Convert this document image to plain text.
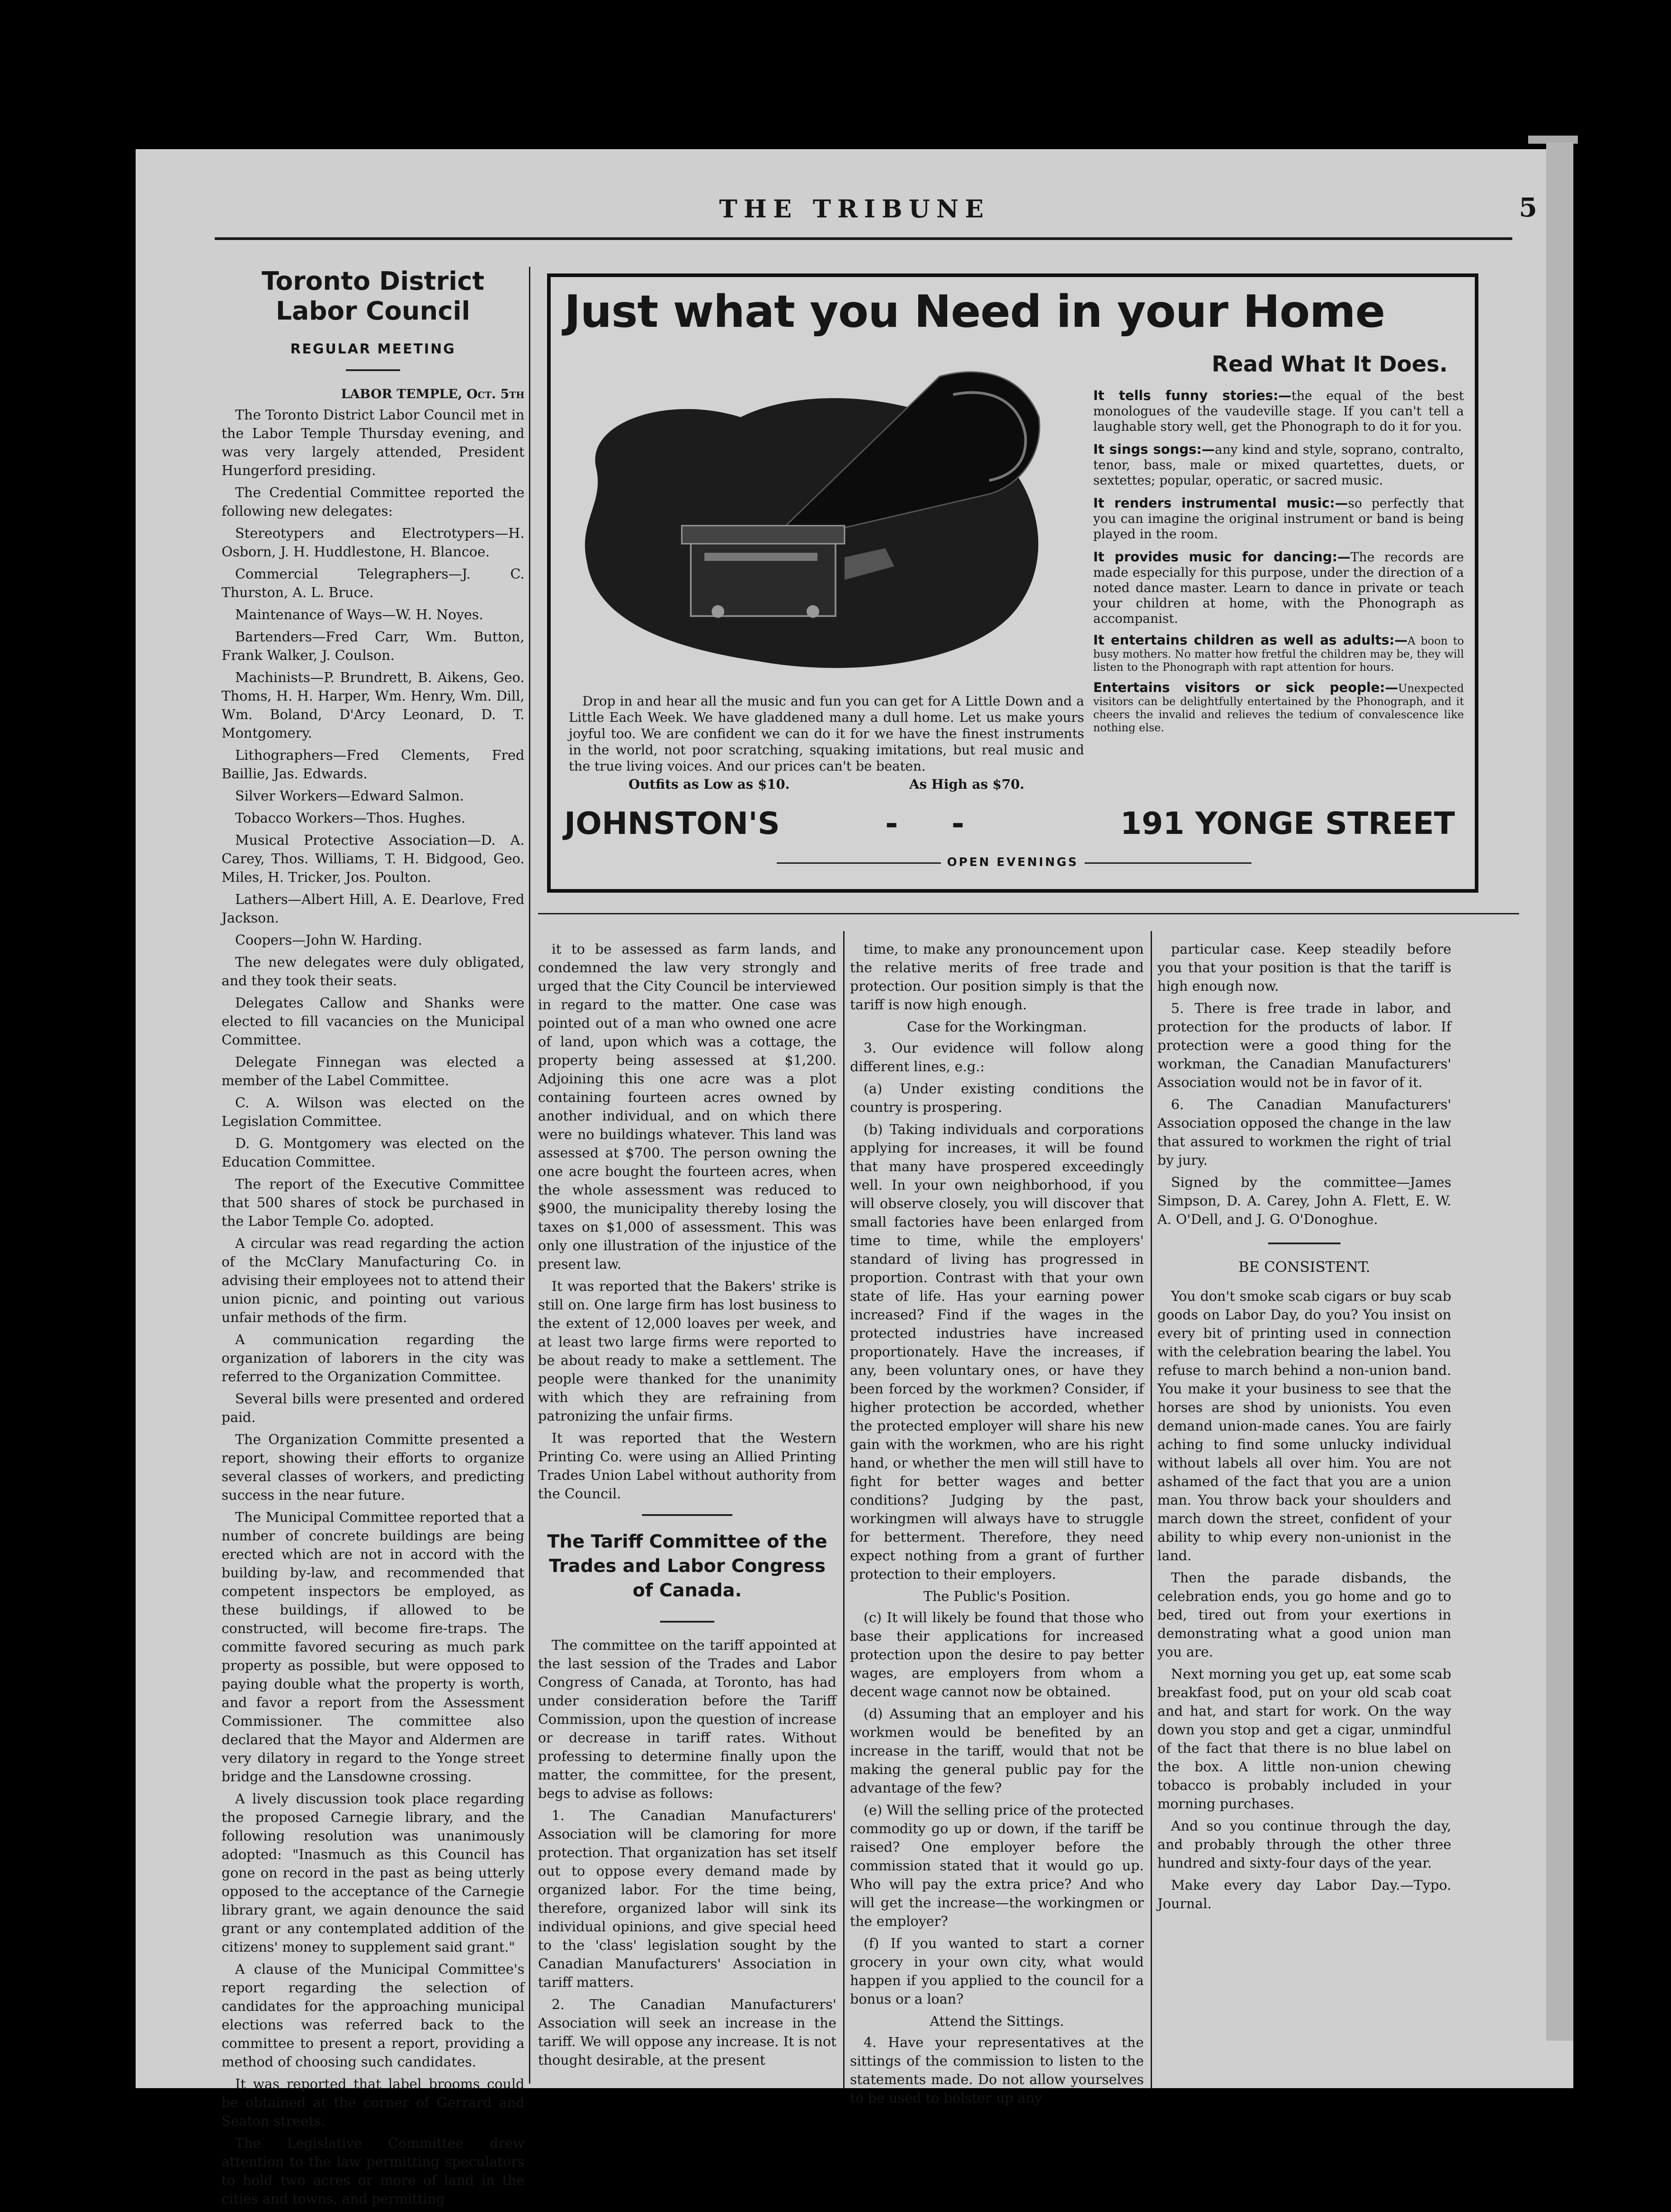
THE TRIBUNE	5
Toronto District Labor Council
REGULAR MEETING
LABOR TEMPLE, Oct. 5th

The Toronto District Labor Council met in the Labor Temple Thursday evening, and was very largely attended, President Hungerford presiding.

The Credential Committee reported the following new delegates:

Stereotypers and Electrotypers—H. Osborn, J. H. Huddlestone, H. Blancoe.

Commercial Telegraphers—J. C. Thurston, A. L. Bruce.

Maintenance of Ways—W. H. Noyes.

Bartenders—Fred Carr, Wm. Button, Frank Walker, J. Coulson.

Machinists—P. Brundrett, B. Aikens, Geo. Thoms, H. H. Harper, Wm. Henry, Wm. Dill, Wm. Boland, D'Arcy Leonard, D. T. Montgomery.

Lithographers—Fred Clements, Fred Baillie, Jas. Edwards.

Silver Workers—Edward Salmon.

Tobacco Workers—Thos. Hughes.

Musical Protective Association—D. A. Carey, Thos. Williams, T. H. Bidgood, Geo. Miles, H. Tricker, Jos. Poulton.

Lathers—Albert Hill, A. E. Dearlove, Fred Jackson.

Coopers—John W. Harding.

The new delegates were duly obligated, and they took their seats.

Delegates Callow and Shanks were elected to fill vacancies on the Municipal Committee.

Delegate Finnegan was elected a member of the Label Committee.

C. A. Wilson was elected on the Legislation Committee.

D. G. Montgomery was elected on the Education Committee.

The report of the Executive Committee that 500 shares of stock be purchased in the Labor Temple Co. adopted.

A circular was read regarding the action of the McClary Manufacturing Co. in advising their employees not to attend their union picnic, and pointing out various unfair methods of the firm.

A communication regarding the organization of laborers in the city was referred to the Organization Committee.

Several bills were presented and ordered paid.

The Organization Committe presented a report, showing their efforts to organize several classes of workers, and predicting success in the near future.

The Municipal Committee reported that a number of concrete buildings are being erected which are not in accord with the building by-law, and recommended that competent inspectors be employed, as these buildings, if allowed to be constructed, will become fire-traps. The committe favored securing as much park property as possible, but were opposed to paying double what the property is worth, and favor a report from the Assessment Commissioner. The committee also declared that the Mayor and Aldermen are very dilatory in regard to the Yonge street bridge and the Lansdowne crossing.

A lively discussion took place regarding the proposed Carnegie library, and the following resolution was unanimously adopted: "Inasmuch as this Council has gone on record in the past as being utterly opposed to the acceptance of the Carnegie library grant, we again denounce the said grant or any contemplated addition of the citizens' money to supplement said grant."

A clause of the Municipal Committee's report regarding the selection of candidates for the approaching municipal elections was referred back to the committee to present a report, providing a method of choosing such candidates.

It was reported that label brooms could be obtained at the corner of Gerrard and Seaton streets.

The Legislative Committee drew attention to the law permitting speculators to hold two acres or more of land in the cities and towns, and permitting

Just what you Need in your Home
Read What It Does.

It tells funny stories:—the equal of the best monologues of the vaudeville stage. If you can't tell a laughable story well, get the Phonograph to do it for you.

It sings songs:—any kind and style, soprano, contralto, tenor, bass, male or mixed quartettes, duets, or sextettes; popular, operatic, or sacred music.

It renders instrumental music:—so perfectly that you can imagine the original instrument or band is being played in the room.

It provides music for dancing:—The records are made especially for this purpose, under the direction of a noted dance master. Learn to dance in private or teach your children at home, with the Phonograph as accompanist.

It entertains children as well as adults:—A boon to busy mothers. No matter how fretful the children may be, they will listen to the Phonograph with rapt attention for hours.

Entertains visitors or sick people:—Unexpected visitors can be delightfully entertained by the Phonograph, and it cheers the invalid and relieves the tedium of convalescence like nothing else.

Drop in and hear all the music and fun you can get for A Little Down and a Little Each Week. We have gladdened many a dull home. Let us make yours joyful too. We are confident we can do it for we have the finest instruments in the world, not poor scratching, squaking imitations, but real music and the true living voices. And our prices can't be beaten.
Outfits as Low as $10.	As High as $70.
JOHNSTON'S	-     -	191 YONGE STREET
OPEN EVENINGS

it to be assessed as farm lands, and condemned the law very strongly and urged that the City Council be interviewed in regard to the matter. One case was pointed out of a man who owned one acre of land, upon which was a cottage, the property being assessed at $1,200. Adjoining this one acre was a plot containing fourteen acres owned by another individual, and on which there were no buildings whatever. This land was assessed at $700. The person owning the one acre bought the fourteen acres, when the whole assessment was reduced to $900, the municipality thereby losing the taxes on $1,000 of assessment. This was only one illustration of the injustice of the present law.

It was reported that the Bakers' strike is still on. One large firm has lost business to the extent of 12,000 loaves per week, and at least two large firms were reported to be about ready to make a settlement. The people were thanked for the unanimity with which they are refraining from patronizing the unfair firms.

It was reported that the Western Printing Co. were using an Allied Printing Trades Union Label without authority from the Council.

The Tariff Committee of the Trades and Labor Congress of Canada.

The committee on the tariff appointed at the last session of the Trades and Labor Congress of Canada, at Toronto, has had under consideration before the Tariff Commission, upon the question of increase or decrease in tariff rates. Without professing to determine finally upon the matter, the committee, for the present, begs to advise as follows:

1. The Canadian Manufacturers' Association will be clamoring for more protection. That organization has set itself out to oppose every demand made by organized labor. For the time being, therefore, organized labor will sink its individual opinions, and give special heed to the 'class' legislation sought by the Canadian Manufacturers' Association in tariff matters.

2. The Canadian Manufacturers' Association will seek an increase in the tariff. We will oppose any increase. It is not thought desirable, at the present

time, to make any pronouncement upon the relative merits of free trade and protection. Our position simply is that the tariff is now high enough.

Case for the Workingman.

3. Our evidence will follow along different lines, e.g.:

(a) Under existing conditions the country is prospering.

(b) Taking individuals and corporations applying for increases, it will be found that many have prospered exceedingly well. In your own neighborhood, if you will observe closely, you will discover that small factories have been enlarged from time to time, while the employers' standard of living has progressed in proportion. Contrast with that your own state of life. Has your earning power increased? Find if the wages in the protected industries have increased proportionately. Have the increases, if any, been voluntary ones, or have they been forced by the workmen? Consider, if higher protection be accorded, whether the protected employer will share his new gain with the workmen, who are his right hand, or whether the men will still have to fight for better wages and better conditions? Judging by the past, workingmen will always have to struggle for betterment. Therefore, they need expect nothing from a grant of further protection to their employers.

The Public's Position.

(c) It will likely be found that those who base their applications for increased protection upon the desire to pay better wages, are employers from whom a decent wage cannot now be obtained.

(d) Assuming that an employer and his workmen would be benefited by an increase in the tariff, would that not be making the general public pay for the advantage of the few?

(e) Will the selling price of the protected commodity go up or down, if the tariff be raised? One employer before the commission stated that it would go up. Who will pay the extra price? And who will get the increase—the workingmen or the employer?

(f) If you wanted to start a corner grocery in your own city, what would happen if you applied to the council for a bonus or a loan?

Attend the Sittings.

4. Have your representatives at the sittings of the commission to listen to the statements made. Do not allow yourselves to be used to bolster up any

particular case. Keep steadily before you that your position is that the tariff is high enough now.

5. There is free trade in labor, and protection for the products of labor. If protection were a good thing for the workman, the Canadian Manufacturers' Association would not be in favor of it.

6. The Canadian Manufacturers' Association opposed the change in the law that assured to workmen the right of trial by jury.

Signed by the committee—James Simpson, D. A. Carey, John A. Flett, E. W. A. O'Dell, and J. G. O'Donoghue.

BE CONSISTENT.

You don't smoke scab cigars or buy scab goods on Labor Day, do you? You insist on every bit of printing used in connection with the celebration bearing the label. You refuse to march behind a non-union band. You make it your business to see that the horses are shod by unionists. You even demand union-made canes. You are fairly aching to find some unlucky individual without labels all over him. You are not ashamed of the fact that you are a union man. You throw back your shoulders and march down the street, confident of your ability to whip every non-unionist in the land.

Then the parade disbands, the celebration ends, you go home and go to bed, tired out from your exertions in demonstrating what a good union man you are.

Next morning you get up, eat some scab breakfast food, put on your old scab coat and hat, and start for work. On the way down you stop and get a cigar, unmindful of the fact that there is no blue label on the box. A little non-union chewing tobacco is probably included in your morning purchases.

And so you continue through the day, and probably through the other three hundred and sixty-four days of the year.

Make every day Labor Day.—Typo. Journal.
